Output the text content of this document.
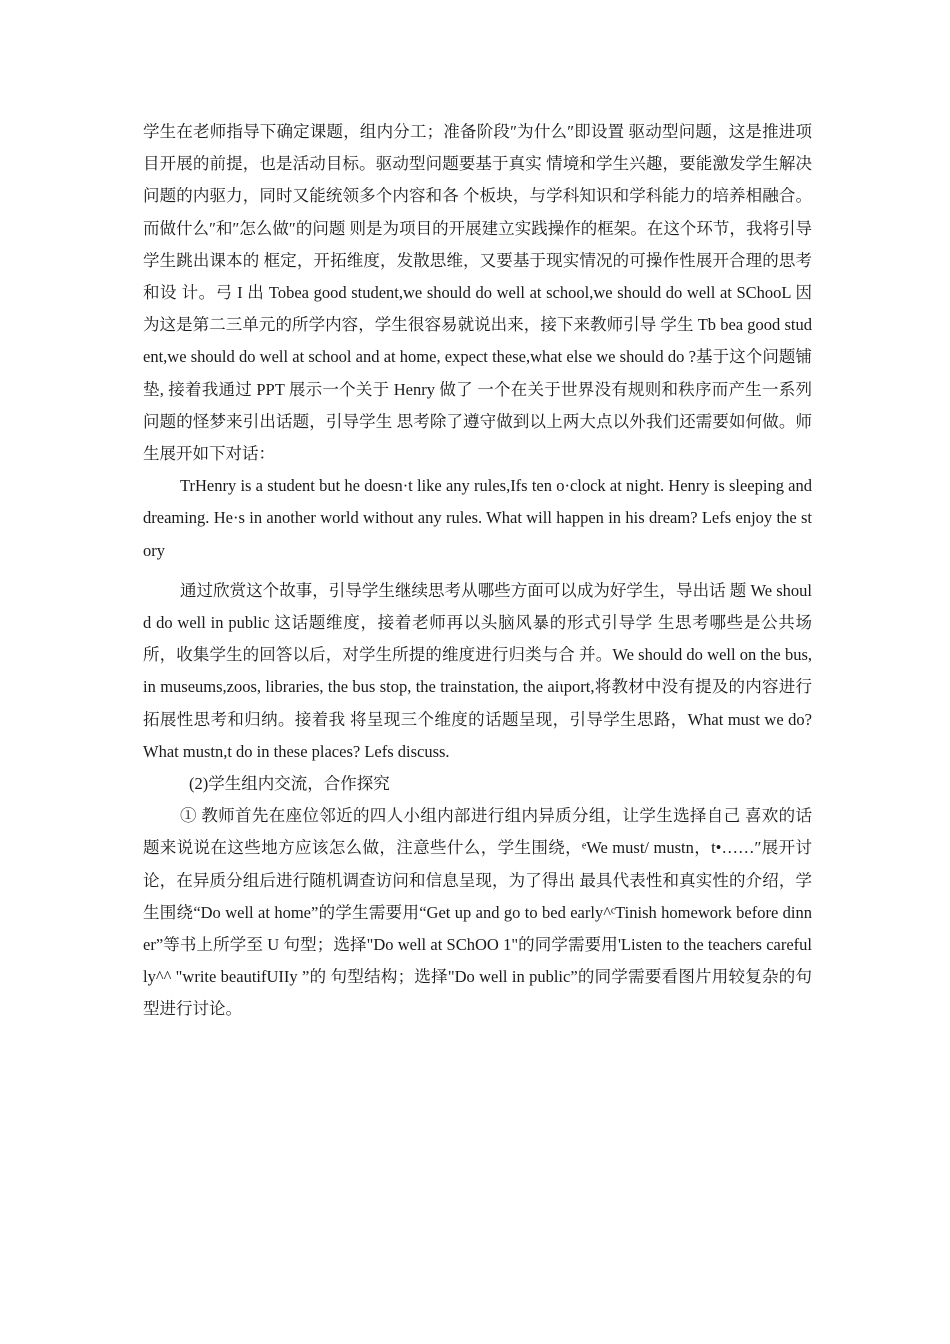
学生在老师指导下确定课题，组内分工；准备阶段″为什么″即设置 驱动型问题，这是推进项目开展的前提，也是活动目标。驱动型问题要基于真实 情境和学生兴趣，要能激发学生解决问题的内驱力，同时又能统领多个内容和各 个板块，与学科知识和学科能力的培养相融合。而做什么″和″怎么做″的问题 则是为项目的开展建立实践操作的框架。在这个环节，我将引导学生跳出课本的 框定，开拓维度，发散思维，又要基于现实情况的可操作性展开合理的思考和设 计。弓 I 出 Tobea good student,we should do well at school,we should do well at SChooL 因为这是第二三单元的所学内容，学生很容易就说出来，接下来教师引导 学生 Tb bea good student,we should do well at school and at home, expect these,what else we should do ?基于这个问题铺垫, 接着我通过 PPT 展示一个关于 Henry 做了 一个在关于世界没有规则和秩序而产生一系列问题的怪梦来引出话题，引导学生 思考除了遵守做到以上两大点以外我们还需要如何做。师生展开如下对话：

TrHenry is a student but he doesn·t like any rules,Ifs ten o·clock at night. Henry is sleeping and dreaming. He·s in another world without any rules. What will happen in his dream? Lefs enjoy the story

通过欣赏这个故事，引导学生继续思考从哪些方面可以成为好学生，导出话 题 We should do well in public 这话题维度，接着老师再以头脑风暴的形式引导学 生思考哪些是公共场所，收集学生的回答以后，对学生所提的维度进行归类与合 并。We should do well on the bus, in museums,zoos, libraries, the bus stop, the trainstation, the aiιport,将教材中没有提及的内容进行拓展性思考和归纳。接着我 将呈现三个维度的话题呈现，引导学生思路，What must we do? What mustn,t do in these places? Lefs discuss.

(2)学生组内交流，合作探究

① 教师首先在座位邻近的四人小组内部进行组内异质分组，让学生选择自己 喜欢的话题来说说在这些地方应该怎么做，注意些什么，学生围绕，ᵉWe must/ mustn，t•……″展开讨论，在异质分组后进行随机调查访问和信息呈现，为了得出 最具代表性和真实性的介绍，学生围绕“Do well at home”的学生需要用“Get up and go to bed early^ᶜTinish homework before dinner”等书上所学至 U 句型；选择"Do well at SChOO 1"的同学需要用'Listen to the teachers carefully^^ "write beautifUIIy ”的 句型结构；选择"Do well in public”的同学需要看图片用较复杂的句型进行讨论。
